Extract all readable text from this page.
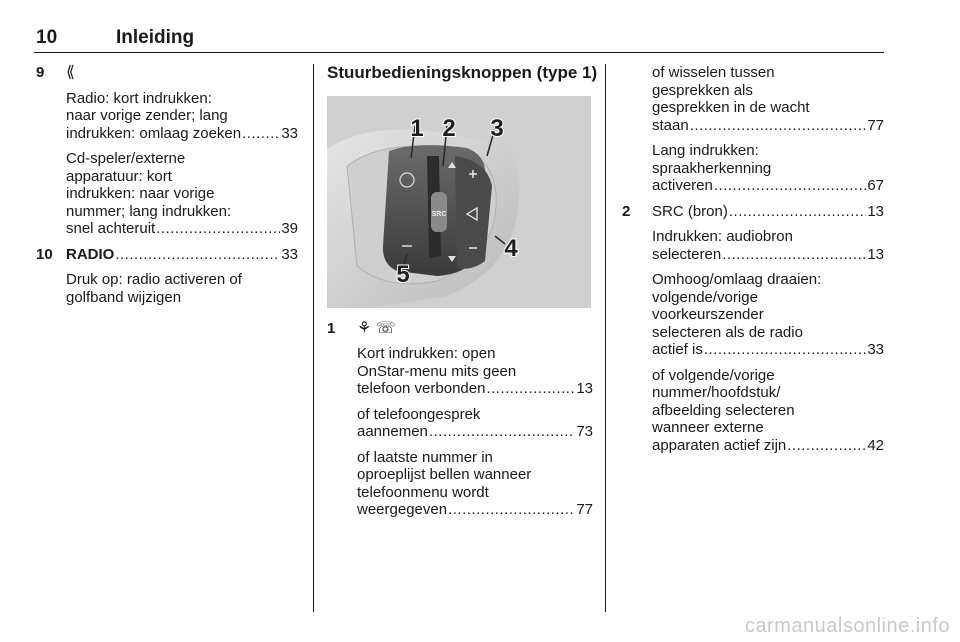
10	Inleiding
9 ⟪
Radio: kort indrukken:
naar vorige zender; lang
indrukken: omlaag zoeken .....	33
Cd-speler/externe
apparatuur: kort
indrukken: naar vorige
nummer; lang indrukken:
snel achteruit .....	39
10 RADIO .....	33
Druk op: radio activeren of
golfband wijzigen
Stuurbedieningsknoppen (type 1)
SRC
1 2 3
4
5
1 ⚘ ☏
Kort indrukken: open
OnStar-menu mits geen
telefoon verbonden .....	13
of telefoongesprek
aannemen .....	73
of laatste nummer in
oproeplijst bellen wanneer
telefoonmenu wordt
weergegeven .....	77
of wisselen tussen
gesprekken als
gesprekken in de wacht
staan .....	77
Lang indrukken:
spraakherkenning
activeren .....	67
2 SRC (bron) .....	13
Indrukken: audiobron
selecteren .....	13
Omhoog/omlaag draaien:
volgende/vorige
voorkeurszender
selecteren als de radio
actief is .....	33
of volgende/vorige
nummer/hoofdstuk/
afbeelding selecteren
wanneer externe
apparaten actief zijn .....	42
carmanualsonline.info
